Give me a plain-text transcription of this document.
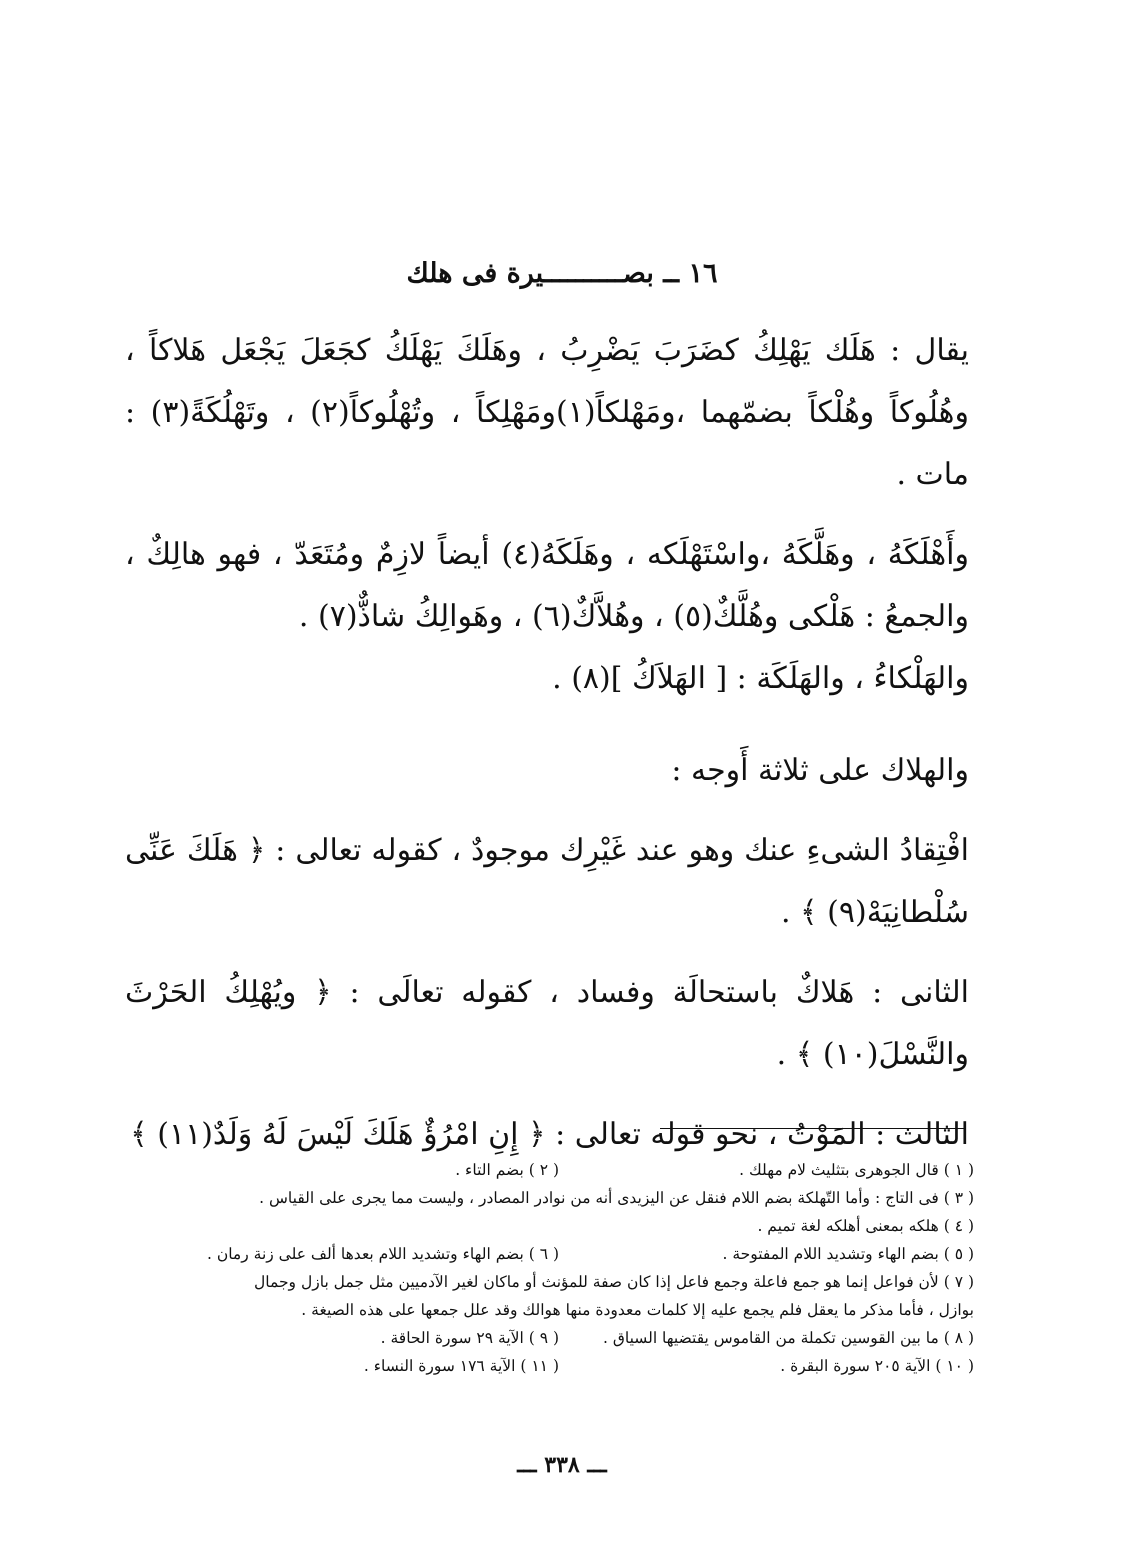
١٦ ــ بصــــــــــيرة فى هلك

يقال : هَلَك يَهْلِكُ كضَرَبَ يَضْرِبُ ، وهَلَكَ يَهْلَكُ كجَعَلَ يَجْعَل هَلاكاً ، وهُلُوكاً وهُلْكاً بضمّهما ،ومَهْلكاً(١)ومَهْلِكاً ، وتُهْلُوكاً(٢) ، وتَهْلُكَةً(٣) : مات .

وأَهْلَكَهُ ، وهَلَّكَهُ ،واسْتَهْلَكه ، وهَلَكَهُ(٤) أيضاً لازِمٌ ومُتَعَدّ ، فهو هالِكٌ ، والجمعُ : هَلْكى وهُلَّكٌ(٥) ، وهُلاَّكٌ(٦) ، وهَوالِكُ شاذٌّ(٧) .

والهَلْكاءُ ، والهَلَكَة : [ الهَلاَكُ ](٨) .

والهلاك على ثلاثة أَوجه :

افْتِقادُ الشىءِ عنك وهو عند غَيْرِك موجودٌ ، كقوله تعالى : ﴿ هَلَكَ عَنِّى سُلْطانِيَهْ(٩) ﴾ .

الثانى : هَلاكٌ باستحالَة وفساد ، كقوله تعالَى : ﴿ ويُهْلِكُ الحَرْثَ والنَّسْلَ(١٠) ﴾ .

الثالث : المَوْتُ ، نحو قوله تعالى : ﴿ إِنِ امْرُؤٌ هَلَكَ لَيْسَ لَهُ وَلَدٌ(١١) ﴾

( ١ ) قال الجوهرى بتثليث لام مهلك .
( ٢ ) بضم التاء .
( ٣ ) فى التاج : وأما التّهلكة بضم اللام فنقل عن اليزيدى أنه من نوادر المصادر ، وليست مما يجرى على القياس .
( ٤ ) هلكه بمعنى أهلكه لغة تميم .
( ٥ ) بضم الهاء وتشديد اللام المفتوحة .
( ٦ ) بضم الهاء وتشديد اللام بعدها ألف على زنة رمان .
( ٧ ) لأن فواعل إنما هو جمع فاعلة وجمع فاعل إذا كان صفة للمؤنث أو ماكان لغير الآدميين مثل جمل بازل وجمال
بوازل ، فأما مذكر ما يعقل فلم يجمع عليه إلا كلمات معدودة منها هوالك وقد علل جمعها على هذه الصيغة .
( ٨ ) ما بين القوسين تكملة من القاموس يقتضيها السياق .
( ٩ ) الآية ٢٩ سورة الحاقة .
( ١٠ ) الآية ٢٠٥ سورة البقرة .
( ١١ ) الآية ١٧٦ سورة النساء .
ـــ ٣٣٨ ـــ
